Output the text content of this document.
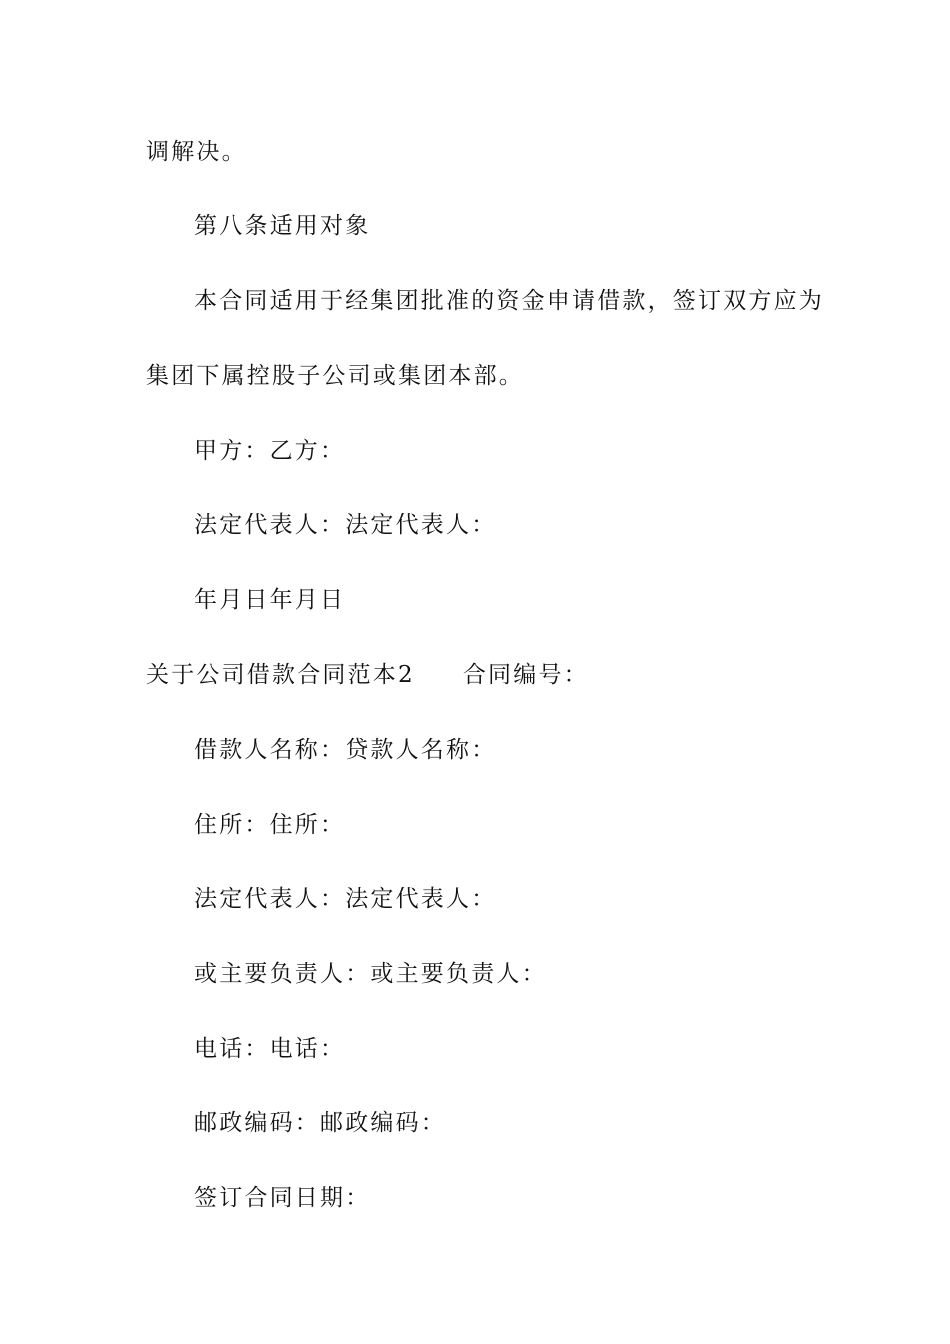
调解决。

第八条适用对象

本合同适用于经集团批准的资金申请借款，签订双方应为

集团下属控股子公司或集团本部。

甲方：乙方：

法定代表人：法定代表人：

年月日年月日

关于公司借款合同范本2 合同编号：

借款人名称：贷款人名称：

住所：住所：

法定代表人：法定代表人：

或主要负责人：或主要负责人：

电话：电话：

邮政编码：邮政编码：

签订合同日期：
